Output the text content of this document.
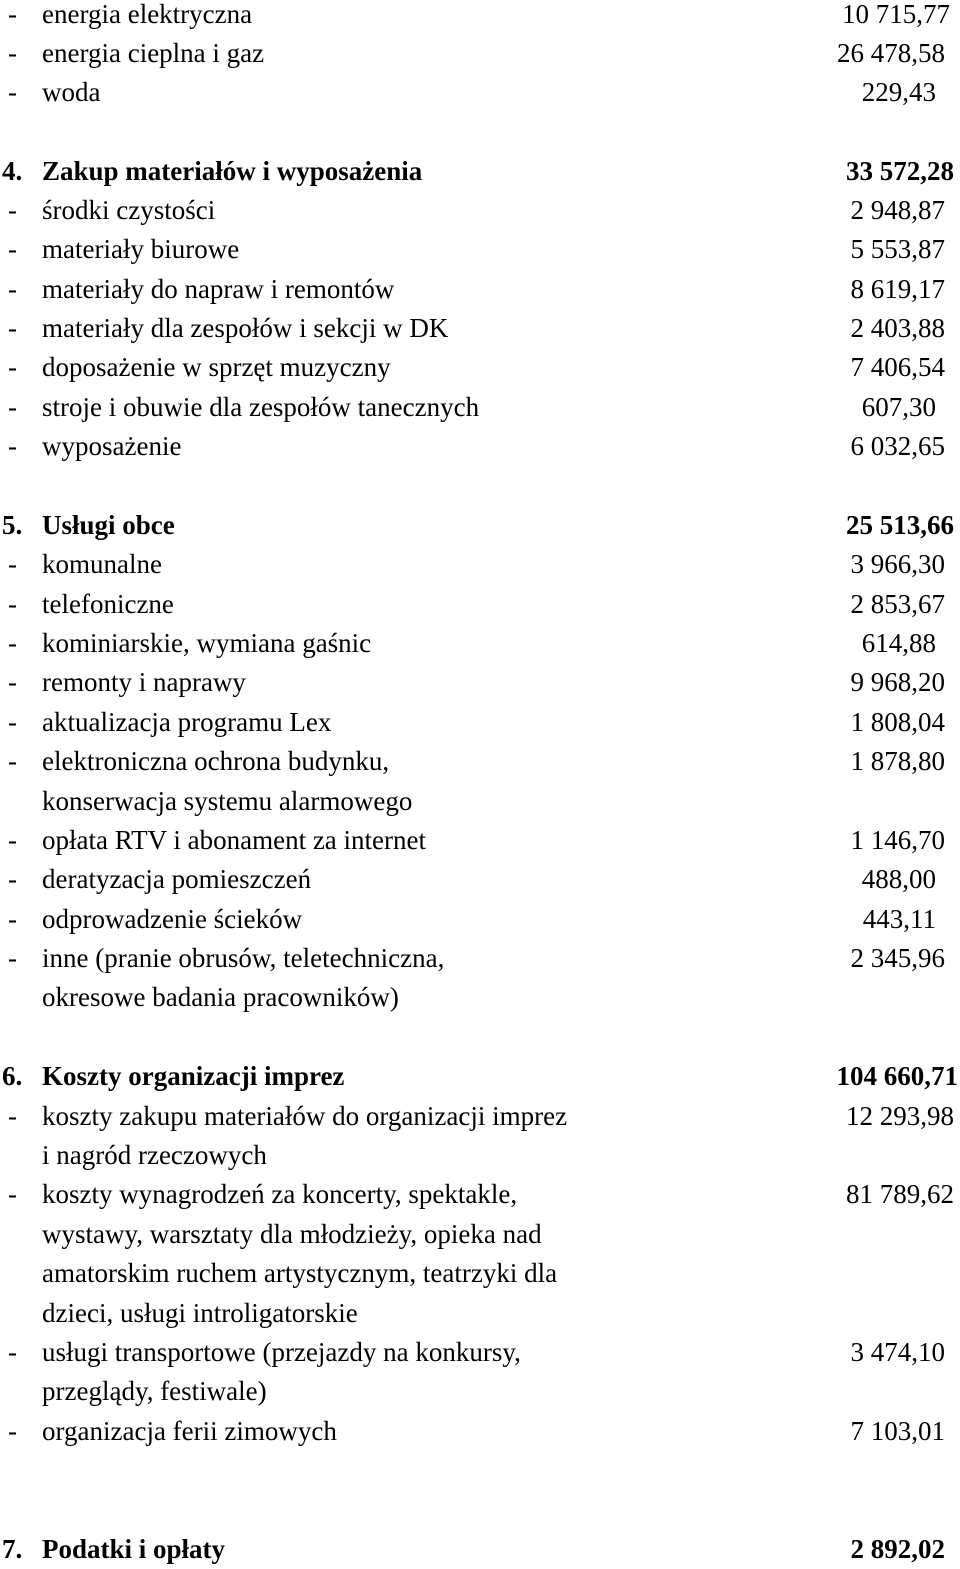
- energia elektryczna	10 715,77
- energia cieplna i gaz	26 478,58
- woda	229,43
4. Zakup materiałów i wyposażenia	33 572,28
- środki czystości	2 948,87
- materiały biurowe	5 553,87
- materiały do napraw i remontów	8 619,17
- materiały dla zespołów i sekcji w DK	2 403,88
- doposażenie w sprzęt muzyczny	7 406,54
- stroje i obuwie dla zespołów tanecznych	607,30
- wyposażenie	6 032,65
5. Usługi obce	25 513,66
- komunalne	3 966,30
- telefoniczne	2 853,67
- kominiarskie, wymiana gaśnic	614,88
- remonty i naprawy	9 968,20
- aktualizacja programu Lex	1 808,04
- elektroniczna ochrona budynku,	1 878,80
konserwacja systemu alarmowego
- opłata RTV i abonament za internet	1 146,70
- deratyzacja pomieszczeń	488,00
- odprowadzenie ścieków	443,11
- inne (pranie obrusów, teletechniczna,	2 345,96
okresowe badania pracowników)
6. Koszty organizacji imprez	104 660,71
- koszty zakupu materiałów do organizacji imprez	12 293,98
i nagród rzeczowych
- koszty wynagrodzeń za koncerty, spektakle,	81 789,62
wystawy, warsztaty dla młodzieży, opieka nad
amatorskim ruchem artystycznym, teatrzyki dla
dzieci, usługi introligatorskie
- usługi transportowe (przejazdy na konkursy,	3 474,10
przeglądy, festiwale)
- organizacja ferii zimowych	7 103,01
7. Podatki i opłaty	2 892,02
